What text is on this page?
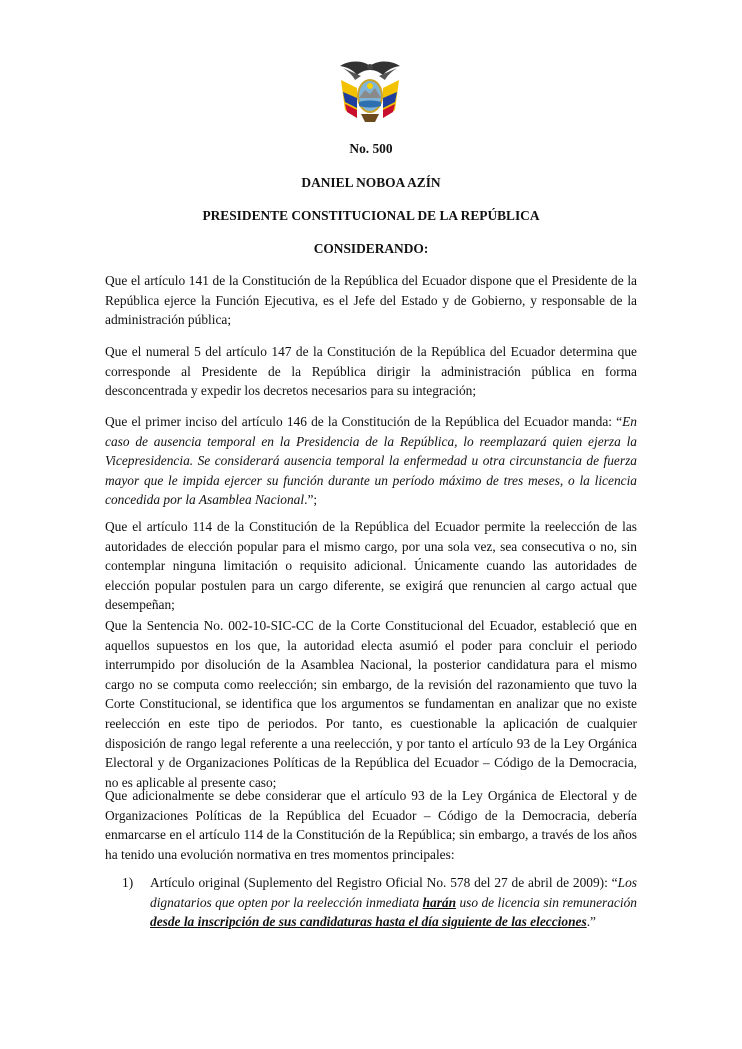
No. 500

DANIEL NOBOA AZÍN

PRESIDENTE CONSTITUCIONAL DE LA REPÚBLICA

CONSIDERANDO:

Que el artículo 141 de la Constitución de la República del Ecuador dispone que el Presidente de la República ejerce la Función Ejecutiva, es el Jefe del Estado y de Gobierno, y responsable de la administración pública;

Que el numeral 5 del artículo 147 de la Constitución de la República del Ecuador determina que corresponde al Presidente de la República dirigir la administración pública en forma desconcentrada y expedir los decretos necesarios para su integración;

Que el primer inciso del artículo 146 de la Constitución de la República del Ecuador manda: “En caso de ausencia temporal en la Presidencia de la República, lo reemplazará quien ejerza la Vicepresidencia. Se considerará ausencia temporal la enfermedad u otra circunstancia de fuerza mayor que le impida ejercer su función durante un período máximo de tres meses, o la licencia concedida por la Asamblea Nacional.”;

Que el artículo 114 de la Constitución de la República del Ecuador permite la reelección de las autoridades de elección popular para el mismo cargo, por una sola vez, sea consecutiva o no, sin contemplar ninguna limitación o requisito adicional. Únicamente cuando las autoridades de elección popular postulen para un cargo diferente, se exigirá que renuncien al cargo actual que desempeñan;

Que la Sentencia No. 002-10-SIC-CC de la Corte Constitucional del Ecuador, estableció que en aquellos supuestos en los que, la autoridad electa asumió el poder para concluir el periodo interrumpido por disolución de la Asamblea Nacional, la posterior candidatura para el mismo cargo no se computa como reelección; sin embargo, de la revisión del razonamiento que tuvo la Corte Constitucional, se identifica que los argumentos se fundamentan en analizar que no existe reelección en este tipo de periodos. Por tanto, es cuestionable la aplicación de cualquier disposición de rango legal referente a una reelección, y por tanto el artículo 93 de la Ley Orgánica Electoral y de Organizaciones Políticas de la República del Ecuador – Código de la Democracia, no es aplicable al presente caso;

Que adicionalmente se debe considerar que el artículo 93 de la Ley Orgánica de Electoral y de Organizaciones Políticas de la República del Ecuador – Código de la Democracia, debería enmarcarse en el artículo 114 de la Constitución de la República; sin embargo, a través de los años ha tenido una evolución normativa en tres momentos principales:

1) Artículo original (Suplemento del Registro Oficial No. 578 del 27 de abril de 2009): “Los dignatarios que opten por la reelección inmediata harán uso de licencia sin remuneración desde la inscripción de sus candidaturas hasta el día siguiente de las elecciones.”
